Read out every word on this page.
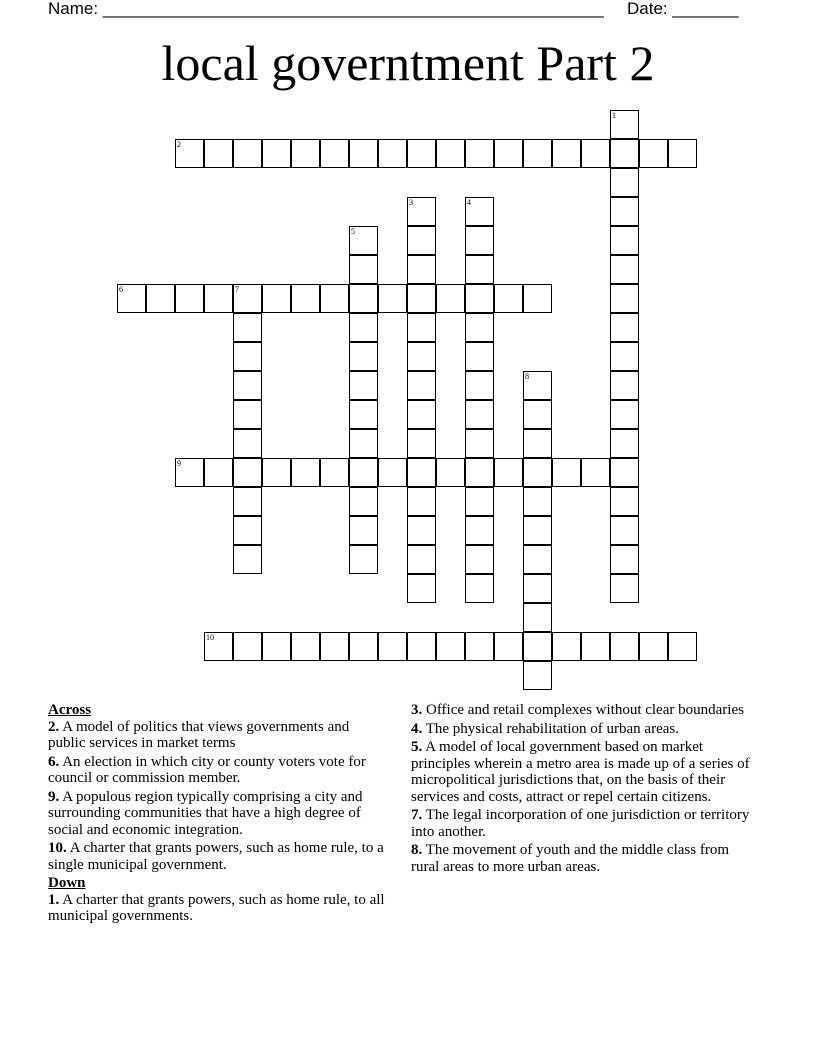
Name: _____________________________________________________ Date: _______
local governtment Part 2
1
2
3	4
5
6	7
8
9
10

Across

2. A model of politics that views governments and public services in market terms

6. An election in which city or county voters vote for council or commission member.

9. A populous region typically comprising a city and surrounding communities that have a high degree of social and economic integration.

10. A charter that grants powers, such as home rule, to a single municipal government.

Down

1. A charter that grants powers, such as home rule, to all municipal governments.

3. Office and retail complexes without clear boundaries

4. The physical rehabilitation of urban areas.

5. A model of local government based on market principles wherein a metro area is made up of a series of micropolitical jurisdictions that, on the basis of their services and costs, attract or repel certain citizens.

7. The legal incorporation of one jurisdiction or territory into another.

8. The movement of youth and the middle class from rural areas to more urban areas.
